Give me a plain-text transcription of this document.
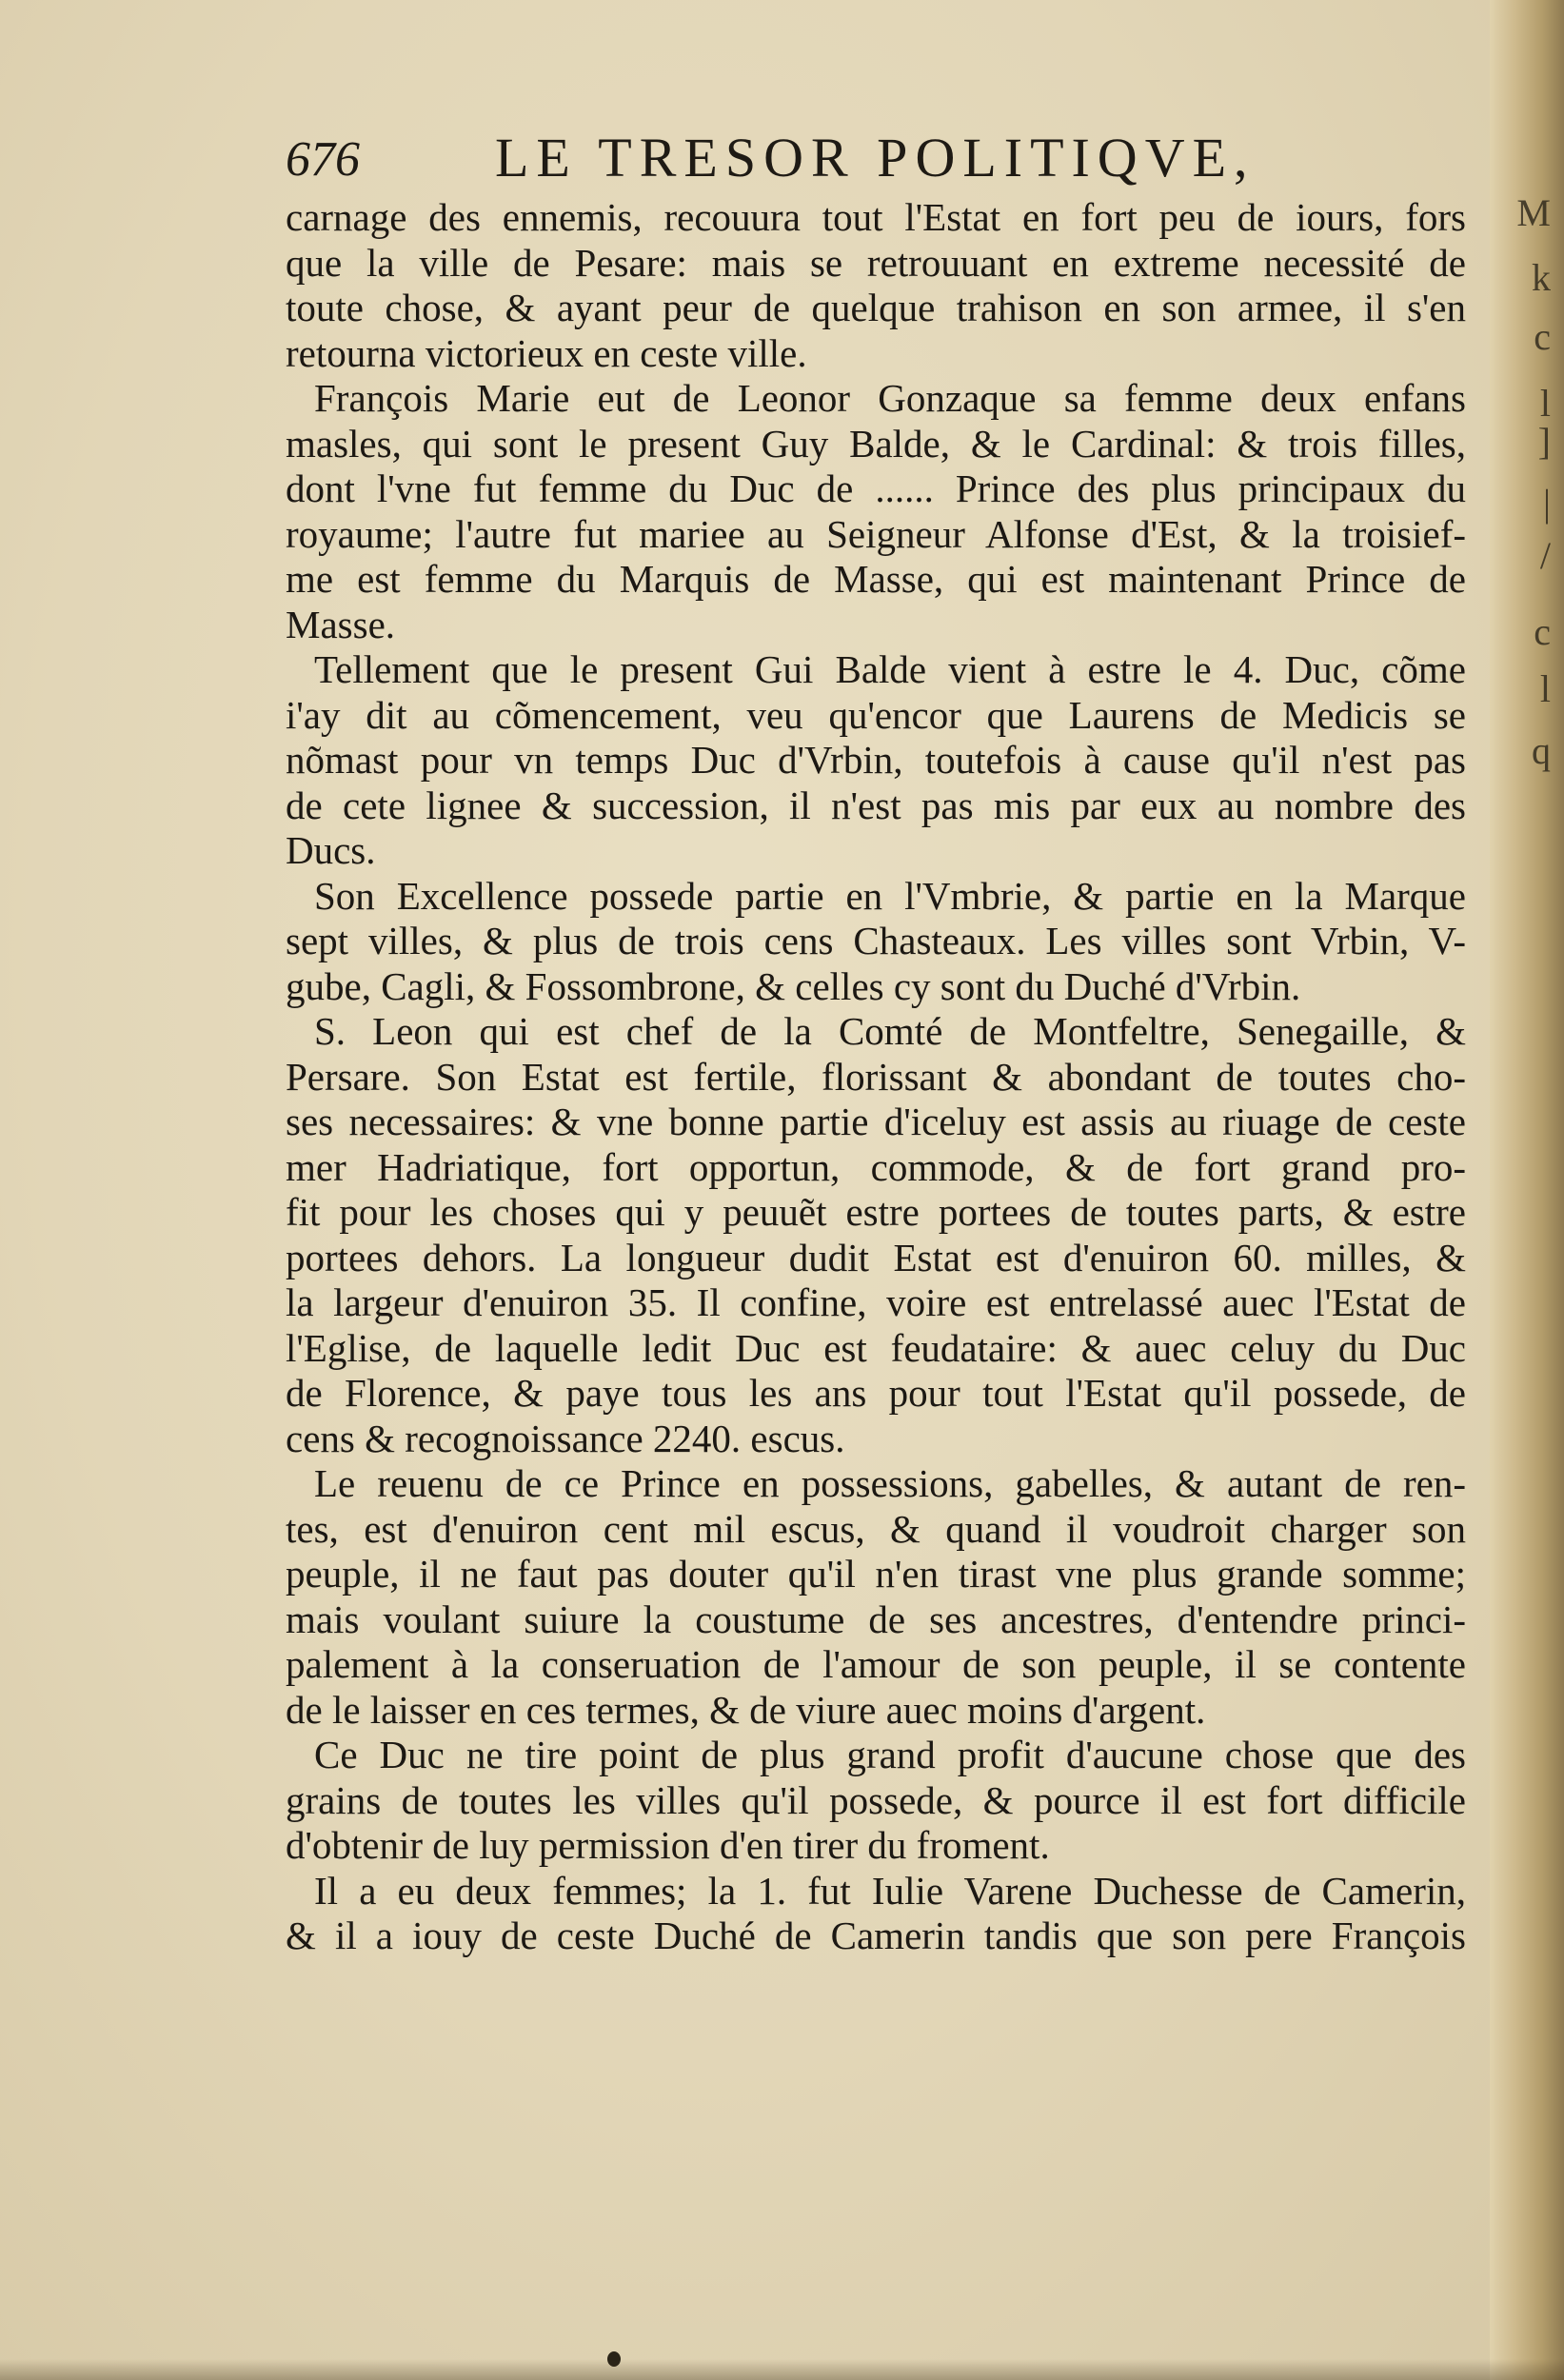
676 LE TRESOR POLITIQVE,
carnage des ennemis, recouura tout l'Estat en fort peu de iours, fors
que la ville de Pesare: mais se retrouuant en extreme necessité de
toute chose, & ayant peur de quelque trahison en son armee, il s'en
retourna victorieux en ceste ville.
François Marie eut de Leonor Gonzaque sa femme deux enfans
masles, qui sont le present Guy Balde, & le Cardinal: & trois filles,
dont l'vne fut femme du Duc de ...... Prince des plus principaux du
royaume; l'autre fut mariee au Seigneur Alfonse d'Est, & la troisief-
me est femme du Marquis de Masse, qui est maintenant Prince de
Masse.
Tellement que le present Gui Balde vient à estre le 4. Duc, cõme
i'ay dit au cõmencement, veu qu'encor que Laurens de Medicis se
nõmast pour vn temps Duc d'Vrbin, toutefois à cause qu'il n'est pas
de cete lignee & succession, il n'est pas mis par eux au nombre des
Ducs.
Son Excellence possede partie en l'Vmbrie, & partie en la Marque
sept villes, & plus de trois cens Chasteaux. Les villes sont Vrbin, V-
gube, Cagli, & Fossombrone, & celles cy sont du Duché d'Vrbin.
S. Leon qui est chef de la Comté de Montfeltre, Senegaille, &
Persare. Son Estat est fertile, florissant & abondant de toutes cho-
ses necessaires: & vne bonne partie d'iceluy est assis au riuage de ceste
mer Hadriatique, fort opportun, commode, & de fort grand pro-
fit pour les choses qui y peuuẽt estre portees de toutes parts, & estre
portees dehors. La longueur dudit Estat est d'enuiron 60. milles, &
la largeur d'enuiron 35. Il confine, voire est entrelassé auec l'Estat de
l'Eglise, de laquelle ledit Duc est feudataire: & auec celuy du Duc
de Florence, & paye tous les ans pour tout l'Estat qu'il possede, de
cens & recognoissance 2240. escus.
Le reuenu de ce Prince en possessions, gabelles, & autant de ren-
tes, est d'enuiron cent mil escus, & quand il voudroit charger son
peuple, il ne faut pas douter qu'il n'en tirast vne plus grande somme;
mais voulant suiure la coustume de ses ancestres, d'entendre princi-
palement à la conseruation de l'amour de son peuple, il se contente
de le laisser en ces termes, & de viure auec moins d'argent.
Ce Duc ne tire point de plus grand profit d'aucune chose que des
grains de toutes les villes qu'il possede, & pource il est fort difficile
d'obtenir de luy permission d'en tirer du froment.
Il a eu deux femmes; la 1. fut Iulie Varene Duchesse de Camerin,
& il a iouy de ceste Duché de Camerin tandis que son pere François
M
k
c
l
]
|
/
c
l
q
